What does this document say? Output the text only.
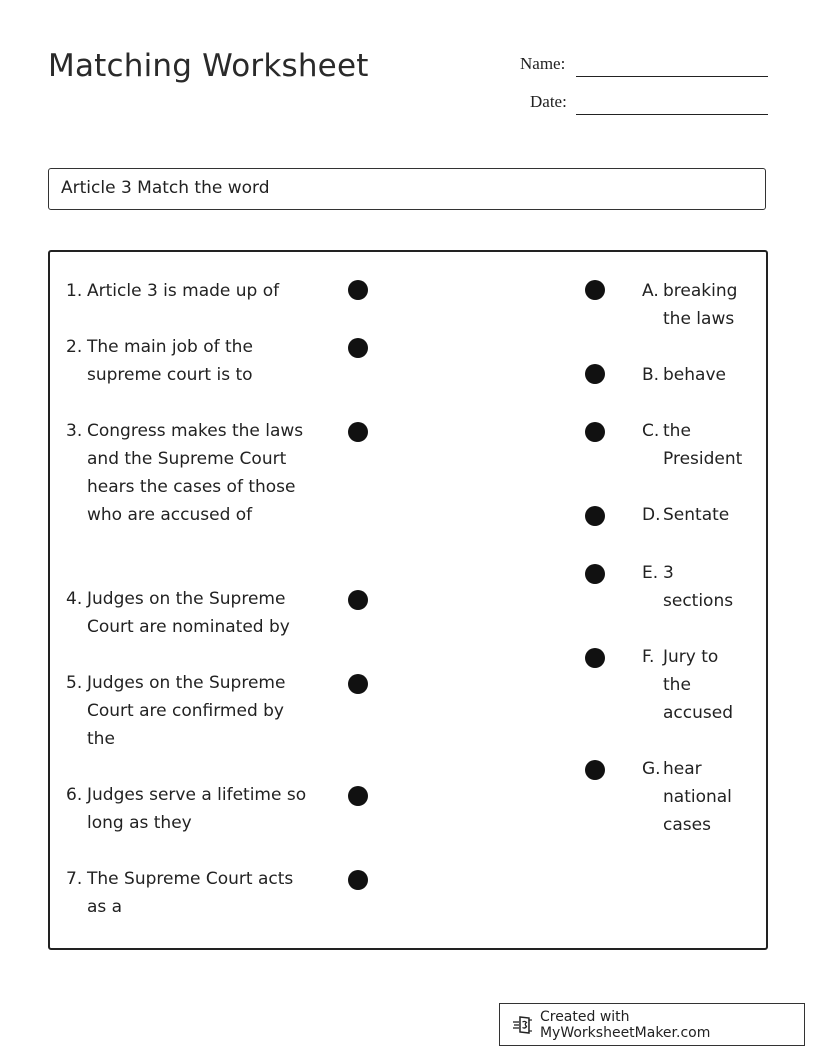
Matching Worksheet	Name:
Date:
Article 3 Match the word
1. Article 3 is made up of
2. The main job of the supreme court is to
3. Congress makes the laws and the Supreme Court hears the cases of those who are accused of
4. Judges on the Supreme Court are nominated by
5. Judges on the Supreme Court are confirmed by the
6. Judges serve a lifetime so long as they
7. The Supreme Court acts as a
A. breaking the laws
B. behave
C. the President
D. Sentate
E. 3 sections
F. Jury to the accused
G. hear national cases
Created with MyWorksheetMaker.com
